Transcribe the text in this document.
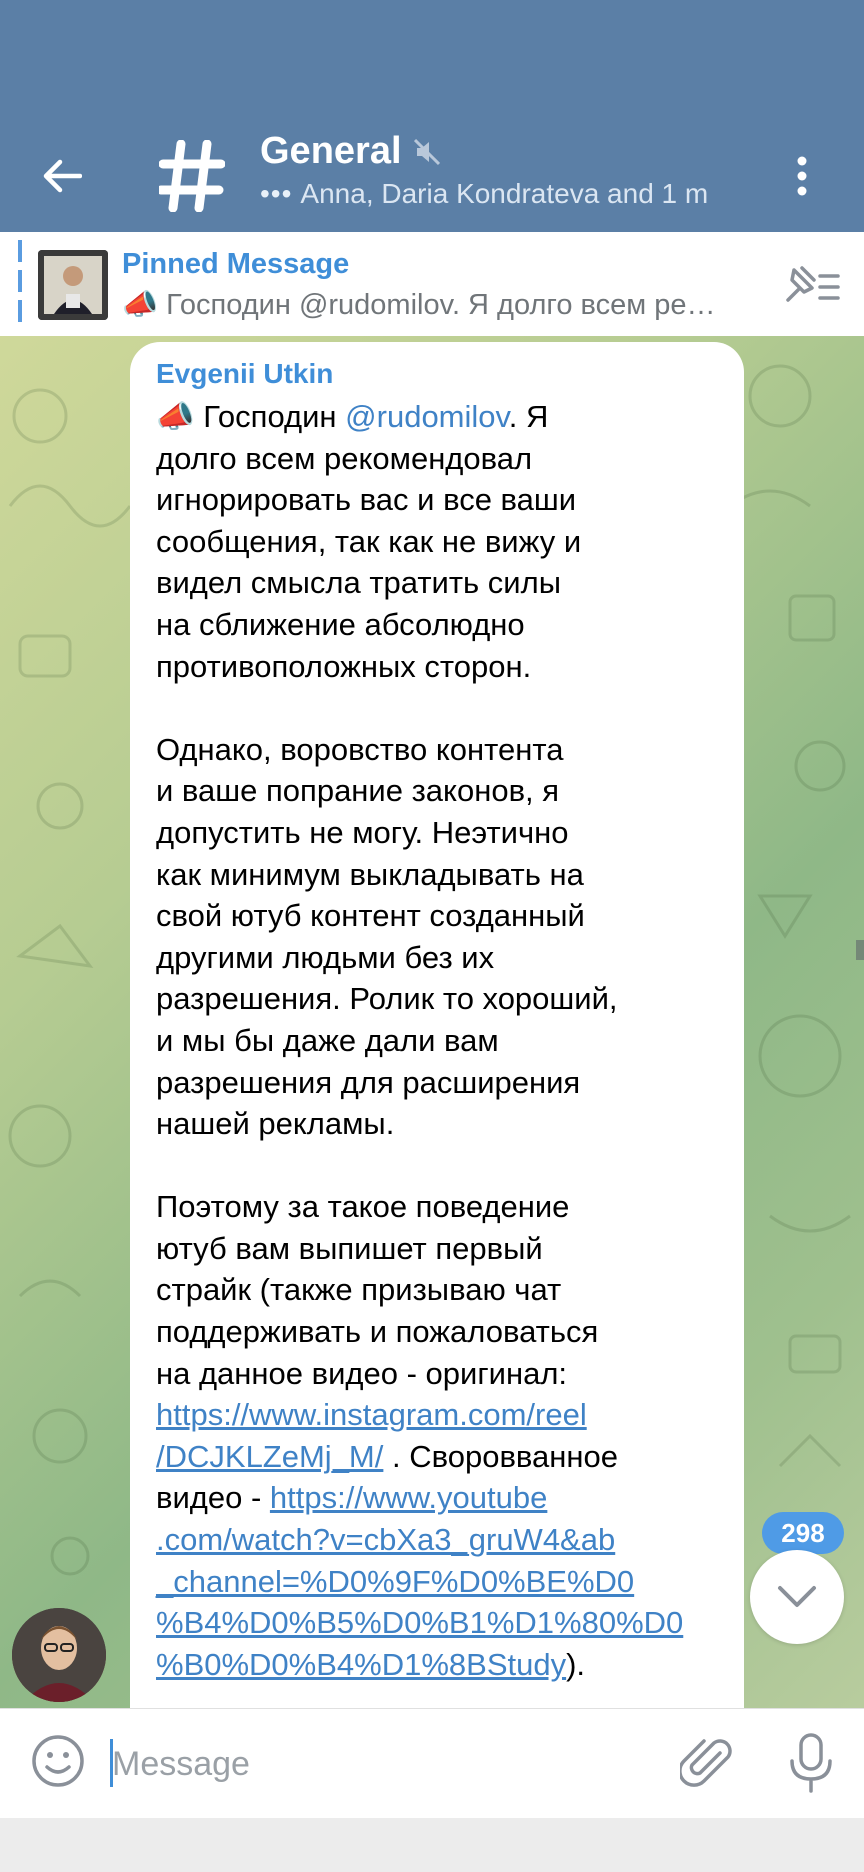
General
••• Anna, Daria Kondrateva and 1 m
Pinned Message
📣 Господин @rudomilov. Я долго всем ре…
Evgenii Utkin
📣 Господин @rudomilov. Я
долго всем рекомендовал
игнорировать вас и все ваши
сообщения, так как не вижу и
видел смысла тратить силы
на сближение абсолюдно
противоположных сторон.

Однако, воровство контента
и ваше попрание законов, я
допустить не могу. Неэтично
как минимум выкладывать на
свой ютуб контент созданный
другими людьми без их
разрешения. Ролик то хороший,
и мы бы даже дали вам
разрешения для расширения
нашей рекламы.

Поэтому за такое поведение
ютуб вам выпишет первый
страйк (также призываю чат
поддерживать и пожаловаться
на данное видео - оригинал:
https://www.instagram.com/reel
/DCJKLZeMj_M/ . Своровванное
видео - https://www.youtube
.com/watch?v=cbXa3_gruW4&ab
_channel=%D0%9F%D0%BE%D0
%B4%D0%B5%D0%B1%D1%80%D0
%B0%D0%B4%D1%8BStudy).
298
Message
